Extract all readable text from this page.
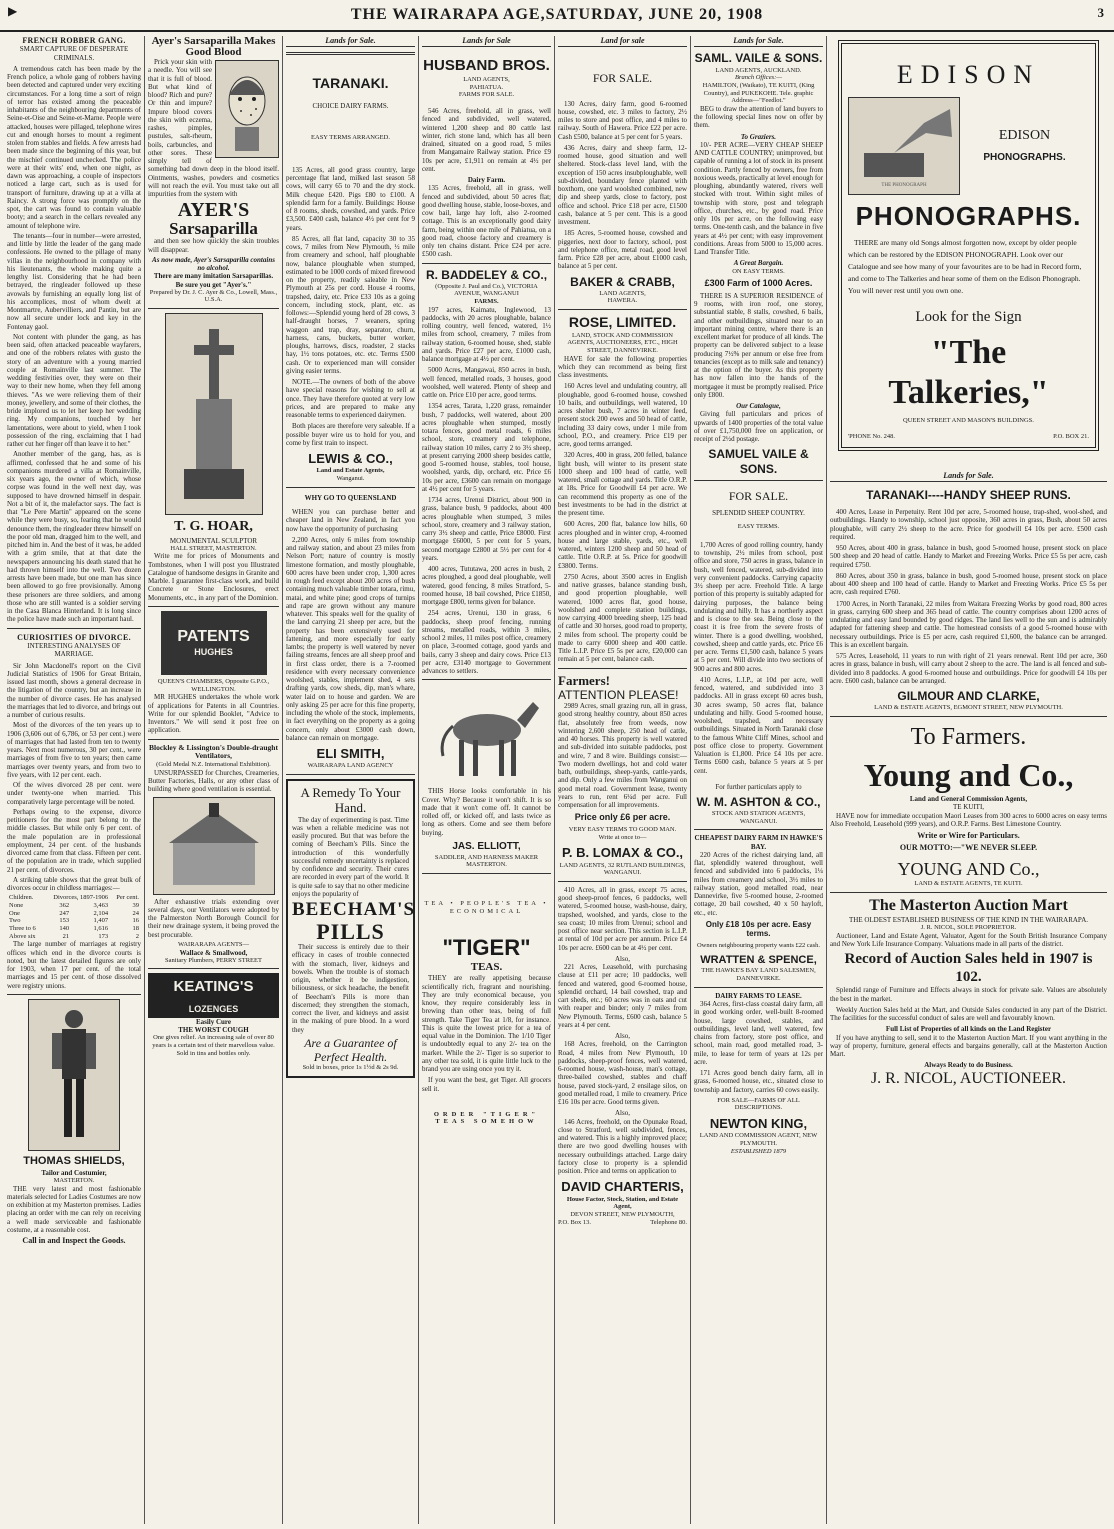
▶	THE WAIRARAPA AGE,SATURDAY, JUNE 20, 1908	3
FRENCH ROBBER GANG.
SMART CAPTURE OF DESPERATE CRIMINALS.

A tremendous catch has been made by the French police, a whole gang of robbers having been detected and captured under very exciting circumstances. For a long time a sort of reign of terror has existed among the peaceable inhabitants of the neighbouring departments of Seine-et-Oise and Seine-et-Marne. People were attacked, houses were pillaged, telephone wires cut and enough horses to mount a regiment stolen from stables and fields. A few arrests had been made since the beginning of this year, but the mischief continued unchecked. The police were at their wits' end, when one night, as dawn was approaching, a couple of inspectors noticed a large cart, such as is used for transport of furniture, drawing up at a villa at Raincy. A strong force was promptly on the spot, the cart was found to contain valuable booty; and a search in the cellars revealed any amount of telephone wire.

The tenants—four in number—were arrested, and little by little the leader of the gang made confessions. He owned to the pillage of many villas in the neighbourhood in company with his lieutenants, the whole making quite a lengthy list. Considering that he had been betrayed, the ringleader followed up these avowals by furnishing an equally long list of his accomplices, most of whom dwelt at Montmartre, Aubervilliers, and Pantin, but are now all secure under lock and key in the Fontenay gaol.

Not content with plunder the gang, as has been said, often attacked peaceable wayfarers, and one of the robbers relates with gusto the story of an adventure with a young married couple at Romainville last summer. The wedding festivities over, they were on their way to their new home, when they fell among thieves. "As we were relieving them of their money, jewellery, and some of their clothes, the bride implored us to let her keep her wedding ring. My companions, touched by her lamentations, were about to yield, when I took possession of the ring, exclaiming that I had rather cut her finger off than leave it to her."

Another member of the gang, has, as is affirmed, confessed that he and some of his companions murdered a villa at Romainville, six years ago, the owner of which, whose corpse was found in the well next day, was supposed to have drowned himself in despair. Not a bit of it, the malefactor says. The fact is that "Le Pere Martin" appeared on the scene while they were busy, so, fearing that he would denounce them, the ringleader threw himself on the poor old man, dragged him to the well, and pitched him in. And the best of it was, he added with a grim smile, that at that date the newspapers announcing his death stated that he had thrown himself into the well. Two dozen arrests have been made, but one man has since been allowed to go free provisionally. Among these prisoners are three soldiers, and among those who are still wanted is a soldier serving in the Casa Blanca Hinterland. It is long since the police have made such an important haul.

CURIOSITIES OF DIVORCE.
INTERESTING ANALYSES OF MARRIAGE.

Sir John Macdonell's report on the Civil Judicial Statistics of 1906 for Great Britain, issued last month, shows a general decrease in the litigation of the country, but an increase in the number of divorce cases. He has analysed the marriages that led to divorce, and brings out a number of curious results.

Most of the divorces of the ten years up to 1906 (3,606 out of 6,786, or 53 per cent.) were of marriages that had lasted from ten to twenty years. Next most numerous, 30 per cent., were marriages of from five to ten years; then came marriages over twenty years, and from two to five years, with 12 per cent. each.

Of the wives divorced 28 per cent. were under twenty-one when married. This comparatively large percentage will be noted.

Perhaps owing to the expense, divorce petitioners for the most part belong to the middle classes. But while only 6 per cent. of the male population are in professional employment, 24 per cent. of the husbands divorced came from that class. Fifteen per cent. of the population are in trade, which supplied 21 per cent. of divorces.

A striking table shows that the great bulk of divorces occur in childless marriages:—

Children.	Divorces, 1897-1906		Per cent.
None	362	3,463	39
One	247	2,104	24
Two	153	1,407	16
Three to 6	140	1,616	18
Above six	21	173	2

The large number of marriages at registry offices which end in the divorce courts is noted, but the latest detailed figures are only for 1903, when 17 per cent. of the total marriages and 15 per cent. of those dissolved were registry unions.

THOMAS SHIELDS,
Tailor and Costumier,
MASTERTON.

THE very latest and most fashionable materials selected for Ladies Costumes are now on exhibition at my Masterton premises. Ladies placing an order with me can rely on receiving a well made serviceable and fashionable costume, at a reasonable cost.

Call in and Inspect the Goods.
Ayer's Sarsaparilla Makes Good Blood

Prick your skin with a needle. You will see that it is full of blood. But what kind of blood? Rich and pure? Or thin and impure? Impure blood covers the skin with eczema, rashes, pimples, pustules, salt-rheum, boils, carbuncles, and other sores. These simply tell of something bad down deep in the blood itself. Ointments, washes, powders and cosmetics will not reach the evil. You must take out all impurities from the system with

AYER'S
Sarsaparilla

and then see how quickly the skin troubles will disappear.

As now made, Ayer's Sarsaparilla contains no alcohol.
There are many imitation Sarsaparillas.
Be sure you get "Ayer's."
Prepared by Dr. J. C. Ayer & Co., Lowell, Mass., U.S.A.
T. G. HOAR,
MONUMENTAL SCULPTOR
HALL STREET, MASTERTON.

Write me for prices of Monuments and Tombstones, when I will post you Illustrated Catalogue of handsome designs in Granite and Marble. I guarantee first-class work, and build Concrete or Stone Enclosures, erect Monuments, etc., in any part of the Dominion.

PATENTS
HUGHES
QUEEN'S CHAMBERS, Opposite G.P.O., WELLINGTON.

MR HUGHES undertakes the whole work of applications for Patents in all Countries. Write for our splendid Booklet, "Advice to Inventors." We will send it post free on application.

Blockley & Lissington's Double-draught Ventilators,
(Gold Medal N.Z. International Exhibition).

UNSURPASSED for Churches, Creameries, Butter Factories, Halls, or any other class of building where good ventilation is essential.

After exhaustive trials extending over several days, our Ventilators were adopted by the Palmerston North Borough Council for their new drainage system, it being proved the best procurable.

WAIRARAPA AGENTS—
Wallace & Smallwood,
Sanitary Plumbers, PERRY STREET
KEATING'S
LOZENGES
Easily Cure
THE WORST COUGH
One gives relief. An increasing sale of over 80 years is a certain test of their marvellous value.
Sold in tins and bottles only.
Lands for Sale.
TARANAKI.
CHOICE DAIRY FARMS.
EASY TERMS ARRANGED.

135 Acres, all good grass country, large percentage flat land, milked last season 58 cows, will carry 65 to 70 and the dry stock. Milk cheque £420. Pigs £80 to £100. A splendid farm for a family. Buildings: House of 8 rooms, sheds, cowshed, and yards. Price £3,500. £400 cash, balance 4½ per cent for 9 years.

85 Acres, all flat land, capacity 30 to 35 cows, 7 miles from New Plymouth, ½ mile from creamery and school, half ploughable now, balance ploughable when stumped, estimated to be 1000 cords of mixed firewood on the property, readily saleable in New Plymouth at 25s per cord. House 4 rooms, trapshed, dairy, etc. Price £33 10s as a going concern, including stock, plant, etc. as follows:—Splendid young herd of 28 cows, 3 half-draught horses, 7 weaners, spring waggon and trap, dray, separator, churn, harness, cans, buckets, butter worker, ploughs, harrows, discs, roadster, 2 stacks hay, 1½ tons potatoes, etc. etc. Terms £500 cash. Or to experienced man will consider giving easier terms.

NOTE.—The owners of both of the above have special reasons for wishing to sell at once. They have therefore quoted at very low prices, and are prepared to make any reasonable terms to experienced dairymen.

Both places are therefore very saleable. If a possible buyer wire us to hold for you, and come by first train to inspect.

LEWIS & CO.,
Land and Estate Agents,
Wanganui.
WHY GO TO QUEENSLAND

WHEN you can purchase better and cheaper land in New Zealand, in fact you now have the opportunity of purchasing

2,200 Acres, only 6 miles from township and railway station, and about 23 miles from Nelson Port; nature of country is mostly limestone formation, and mostly ploughable, 600 acres have been under crop, 1,300 acres in rough feed except about 200 acres of bush containing much valuable timber totara, rimu, matai, and white pine; good crops of turnips and rape are grown without any manure whatever. This speaks well for the quality of the land carrying 21 sheep per acre, but the property has been extensively used for fattening, and more especially for early lambs; the property is well watered by never failing streams, fences are all sheep proof and in first class order, there is a 7-roomed residence with every necessary convenience woolshed, stables, implement shed, 4 sets drafting yards, cow sheds, dip, man's whare, water laid on to house and garden. We are only asking 25 per acre for this fine property, including the whole of the stock, implements, in fact everything on the property as a going concern, only about £3000 cash down, balance can remain on mortgage.

ELI SMITH,
WAIRARAPA LAND AGENCY
A Remedy To Your Hand.

The day of experimenting is past. Time was when a reliable medicine was not easily procured. But that was before the coming of Beecham's Pills. Since the introduction of this wonderfully successful remedy uncertainty is replaced by confidence and security. Their cures are recorded in every part of the world. It is quite safe to say that no other medicine enjoys the popularity of

BEECHAM'S
PILLS

Their success is entirely due to their efficacy in cases of trouble connected with the stomach, liver, kidneys and bowels. When the trouble is of stomach origin, whether it be indigestion, biliousness, or sick headache, the benefit of Beecham's Pills is more than discerned; they strengthen the stomach, correct the liver, and kidneys and assist in the making of pure blood. In a word they

Are a Guarantee of Perfect Health.
Sold in boxes, price 1s 1½d & 2s 9d.
Lands for Sale
HUSBAND BROS.
LAND AGENTS,
PAHIATUA.
FARMS FOR SALE.

546 Acres, freehold, all in grass, well fenced and subdivided, well watered, wintered 1,200 sheep and 80 cattle last winter, rich stone land, which has all been drained, situated on a good road, 5 miles from Mangamaire Railway station. Price £9 10s per acre, £1,911 on remain at 4½ per cent.

Dairy Farm.

135 Acres, freehold, all in grass, well fenced and subdivided, about 50 acres flat; good dwelling house, stable, loose-boxes, and cow bail, large hay loft, also 2-roomed cottage. This is an exceptionally good dairy farm, being within one mile of Pahiatua, on a good road, choose factory and creamery is only ten chains distant. Price £24 per acre. £500 cash.

R. BADDELEY & CO.,
(Opposite J. Paul and Co.), VICTORIA AVENUE, WANGANUI
FARMS.

197 acres, Kaimatu, Inglewood, 13 paddocks, with 20 acres ploughable, balance rolling country, well fenced, watered, 1½ miles from school, creamery, 7 miles from railway station, 6-roomed house, shed, stable and yards. Price £27 per acre, £1000 cash, balance mortgage at 4½ per cent.

5000 Acres, Mangawai, 850 acres in bush, well fenced, metalled roads, 3 houses, good woolshed, well watered. Plenty of sheep and cattle on. Price £10 per acre, good terms.

1354 acres, Tarata, 1,220 grass, remainder bush, 7 paddocks, well watered, about 200 acres ploughable when stumped, mostly totara fences, good metal roads, 6 miles school, store, creamery and telephone, railway station 10 miles, carry 2 to 3½ sheep, at present carrying 2000 sheep besides cattle, good 5-roomed house, stables, tool house, woolshed, yards, dip, orchard, etc. Price £6 10s per acre, £3600 can remain on mortgage at 4½ per cent for 5 years.

1734 acres, Urenui District, about 900 in grass, balance bush, 9 paddocks, about 400 acres ploughable when stumped, 3 miles school, store, creamery and 3 railway station, carry 3½ sheep and cattle, Price £8000. First mortgage £6000, 5 per cent for 5 years, second mortgage £2800 at 5½ per cent for 4 years.

400 acres, Tututawa, 200 acres in bush, 2 acres ploughed, a good deal ploughable, well watered, good fencing, 8 miles Stratford, 5-roomed house, 18 bail cowshed, Price £1850, mortgage £800, terms given for balance.

254 acres, Urenui, 130 in grass, 6 paddocks, sheep proof fencing, running streams, metalled roads, within 3 miles, school 2 miles, 11 miles post office, creamery on place, 3-roomed cottage, good yards and bails, carry 3 sheep and dairy cows. Price £13 per acre, £3140 mortgage to Government advances to settlers.

THIS Horse looks comfortable in his Cover. Why? Because it won't shift. It is so made that it won't come off. It cannot be rolled off, or kicked off, and lasts twice as long as others. Come and see them before buying.

JAS. ELLIOTT,
SADDLER, AND HARNESS MAKER MASTERTON.
TEA • PEOPLE'S TEA • ECONOMICAL
"TIGER"
TEAS.

THEY are really appetising because scientifically rich, fragrant and nourishing. They are truly economical because, you know, they require considerably less in brewing than other teas, being of full strength. Take Tiger Tea at 1/8, for instance. This is quite the lowest price for a tea of equal value in the Dominion. The 1/10 Tiger is undoubtedly equal to any 2/- tea on the market. While the 2/- Tiger is so superior to any other tea sold, it is quite little luck to the brand you are using once you try it.

If you want the best, get Tiger. All grocers sell it.

ORDER "TIGER" TEAS SOMEHOW
Land for sale
FOR SALE.

130 Acres, dairy farm, good 6-roomed house, cowshed, etc. 3 miles to factory, 2½ miles to store and post office, and 4 miles to railway. South of Hawera. Price £22 per acre. Cash £500, balance at 5 per cent for 5 years.

436 Acres, dairy and sheep farm, 12-roomed house, good situation and well sheltered. Stock-class level land, with the exception of 150 acres insubploughable, well sub-divided, boundary fence planted with boxthorn, one yard woolshed combined, new dip and sheep yards, close to factory, post office and school. Price £18 per acre, £1500 cash, balance at 5 per cent. This is a good investment.

185 Acres, 5-roomed house, cowshed and piggeries, next door to factory, school, post and telephone office, metal road, good level farm. Price £28 per acre, about £1000 cash, balance at 5 per cent.

BAKER & CRABB,
LAND AGENTS,
HAWERA.
ROSE, LIMITED.
LAND, STOCK AND COMMISSION AGENTS, AUCTIONEERS, ETC., HIGH STREET, DANNEVIRKE.

HAVE for sale the following properties which they can recommend as being first class investments.

160 Acres level and undulating country, all ploughable, good 6-roomed house, cowshed 10 bails, and outbuildings, well watered, 10 acres shelter bush, 7 acres in winter feed, present stock 200 ewes and 50 head of cattle, including 33 dairy cows, under 1 mile from school, P.O., and creamery. Price £19 per acre, good terms arranged.

320 Acres, 400 in grass, 200 felled, balance light bush, will winter to its present state 1000 sheep and 100 head of cattle, well watered, small cottage and yards. Title O.R.P. at 18s. Price for Goodwill £4 per acre. We can recommend this property as one of the best investments to be had in the district at the present time.

600 Acres, 200 flat, balance low hills, 60 acres ploughed and in winter crop, 4-roomed house and large stable, yards, etc., well watered, winters 1200 sheep and 50 head of cattle. Title O.R.P. at 5s. Price for goodwill £3800. Terms.

2750 Acres, about 3500 acres in English and native grasses, balance standing bush, and good propertion ploughable, well watered, 1000 acres flat, good house, woolshed and complete station buildings, now carrying 4000 breeding sheep, 125 head of cattle and 30 horses, good road to property, 2 miles from school. The property could be made to carry 6000 sheep and 400 cattle. Title L.I.P. Price £5 5s per acre, £20,000 can remain at 5 per cent, balance cash.

Farmers!
ATTENTION PLEASE!

2989 Acres, small grazing run, all in grass, good strong healthy country, about 850 acres flat, absolutely free from weeds, now wintering 2,600 sheep, 250 head of cattle, and 40 horses. This property is well watered and sub-divided into suitable paddocks, post and wire, 7 and 8 wire. Buildings consist:—Two modern dwellings, hot and cold water bath, outbuildings, sheep-yards, cattle-yards, and dip. Only a few miles from Wanganui on good metal road. Government lease, twenty years to run, rent 6¼d per acre. Full compensation for all improvements.

Price only £6 per acre.
VERY EASY TERMS TO GOOD MAN.
Write at once to—
P. B. LOMAX & CO.,
LAND AGENTS, 32 RUTLAND BUILDINGS, WANGANUI.

410 Acres, all in grass, except 75 acres, good sheep-proof fences, 6 paddocks, well watered, 5-roomed house, wash-house, dairy, trapshed, woolshed, and yards, close to the sea coast; 10 miles from Urenui; school and post office near section. This section is L.I.P. at rental of 10d per acre per annum. Price £4 10s per acre. £600 can be at 4½ per cent.

Also,

221 Acres, Leasehold, with purchasing clause at £11 per acre; 10 paddocks, well fenced and watered, good 6-roomed house, splendid orchard, 14 bail cowshed, trap and cart sheds, etc.; 60 acres was in oats and cut with reaper and binder; only 7 miles from New Plymouth. Terms, £600 cash, balance 5 years at 4 per cent.

Also,

168 Acres, freehold, on the Carrington Road, 4 miles from New Plymouth, 10 paddocks, sheep-proof fences, well watered, 6-roomed house, wash-house, man's cottage, three-bailed cowshed, stables and chaff house, paved stock-yard, 2 ensilage silos, on good metalled road, 1 mile to creamery. Price £16 10s per acre. Good terms given.

Also,

146 Acres, freehold, on the Opunake Road, close to Stratford, well subdivided, fences, and watered. This is a highly improved place; there are two good dwelling houses with necessary outbuildings attached. Large dairy factory close to property is a splendid position. Price and terms on application to

DAVID CHARTERIS,
House Factor, Stock, Station, and Estate Agent,
DEVON STREET, NEW PLYMOUTH,
P.O. Box 13.	Telephone 80.
Lands for Sale.
SAML. VAILE & SONS.
LAND AGENTS, AUCKLAND.
Branch Offices:—
HAMILTON, (Waikato), TE KUITI, (King Country), and PUKEKOHE. Tele. graphic Address—"Feedlot."

BEG to draw the attention of land buyers to the following special lines now on offer by them.

To Graziers.

10/- PER ACRE—VERY CHEAP SHEEP AND CATTLE COUNTRY; unimproved, but capable of running a lot of stock in its present condition. Partly fenced by owners, free from noxious weeds, practically at level enough for ploughing, abundantly watered, rivers well stocked with trout. Within sight miles of township with store, post and telegraph office, churches, etc., by good road. Price only 10s per acre, on the following easy terms. One-tenth cash, and the balance in five years at 4½ per cent; with easy improvement conditions. Areas from 5000 to 15,000 acres. Land Transfer Title.

A Great Bargain.
ON EASY TERMS.
£300 Farm of 1000 Acres.

THERE IS A SUPERIOR RESIDENCE of 9 rooms, with iron roof, one storey, substantial stable, 8 stalls, cowshed, 6 bails, and other outbuildings, situated near to an important mining centre, where there is an excellent market for produce of all kinds. The property can be delivered subject to a lease producing 7½% per annum or else free from tenancies (except as to milk sale and tenancy) at the option of the buyer. As this property has now fallen into the hands of the mortgagee it must be promptly realised. Price only £800.

Our Catalogue,

Giving full particulars and prices of upwards of 1400 properties of the total value of over £1,750,000 free on application, or receipt of 2½d postage.

SAMUEL VAILE & SONS.
FOR SALE.
SPLENDID SHEEP COUNTRY.
EASY TERMS.

1,700 Acres of good rolling country, handy to township, 2½ miles from school, post office and store, 750 acres in grass, balance in bush, well fenced, watered, sub-divided into very convenient paddocks. Carrying capacity 3½ sheep per acre. Freehold Title. A large portion of this property is suitably adapted for dairying purposes, the balance being undulating and hilly. It has a northerly aspect and is close to the sea. Being close to the coast it is free from the severe frosts of winter. There is a good dwelling, woolshed, cowshed, sheep and cattle yards, etc. Price £6 per acre. Terms £1,500 cash, balance 5 years at 5 per cent. Will divide into two sections of 900 acres and 800 acres.

410 Acres, L.I.P., at 10d per acre, well fenced, watered, and subdivided into 3 paddocks. All in grass except 60 acres bush, 30 acres swamp, 50 acres flat, balance undulating and hilly. Good 5-roomed house, woolshed, trapshed, and necessary outbuildings. Situated in North Taranaki close to the famous White Cliff Mines, school and post office close to property. Government Valuation is £1,800. Price £4 10s per acre. Terms £600 cash, balance 5 years at 5 per cent.

For further particulars apply to
W. M. ASHTON & CO.,
STOCK AND STATION AGENTS,
WANGANUI.
CHEAPEST DAIRY FARM IN HAWKE'S BAY.

220 Acres of the richest dairying land, all flat, splendidly watered throughout, well fenced and subdivided into 6 paddocks, 1¼ miles from creamery and school, 3½ miles to railway station, good metalled road, near Dannevirke, five 5-roomed house, 2-roomed cottage, 20 bail cowshed, 40 x 50 hayloft, etc., etc.

Only £18 10s per acre. Easy terms.
Owners neighbouring property wants £22 cash.
WRATTEN & SPENCE,
THE HAWKE'S BAY LAND SALESMEN, DANNEVIRKE.
DAIRY FARMS TO LEASE.

364 Acres, first-class coastal dairy farm, all in good working order, well-built 8-roomed house, large cowshed, stables, and outbuildings, level land, well watered, few chains from factory, store post office, and school, main road, good metalled road, 3-mile, to lease for term of years at 12s per acre.

171 Acres good bench dairy farm, all in grass, 6-roomed house, etc., situated close to township and factory, carries 60 cows easily.

FOR SALE—FARMS OF ALL DESCRIPTIONS.
NEWTON KING,
LAND AND COMMISSION AGENT, NEW PLYMOUTH.
ESTABLISHED 1879
EDISON
THE PHONOGRAPH
EDISON
PHONOGRAPHS.
PHONOGRAPHS.

THERE are many old Songs almost forgotten now, except by older people which can be restored by the EDISON PHONOGRAPH. Look over our Catalogue and see how many of your favourites are to be had in Record form, and come to The Talkeries and hear some of them on the Edison Phonograph. You will never rest until you own one.

Look for the Sign
"The Talkeries,"
QUEEN STREET AND MASON'S BUILDINGS.
'PHONE No. 248.	P.O. BOX 21.
Lands for Sale.
TARANAKI----HANDY SHEEP RUNS.

400 Acres, Lease in Perpetuity. Rent 10d per acre, 5-roomed house, trap-shed, wool-shed, and outbuildings. Handy to township, school just opposite, 360 acres in grass, Bush, about 50 acres ploughable, will carry 2½ sheep to the acre. Price for goodwill £4 10s per acre. £500 cash required.

950 Acres, about 400 in grass, balance in bush, good 5-roomed house, present stock on place 500 sheep and 20 head of cattle. Handy to Market and Freezing Works. Price £5 5s per acre, cash required £750.

860 Acres, about 350 in grass, balance in bush, good 5-roomed house, present stock on place about 400 sheep and 100 head of cattle. Handy to Market and Freezing Works. Price £5 5s per acre, cash required £760.

1700 Acres, in North Taranaki, 22 miles from Waitara Freezing Works by good road, 800 acres in grass, carrying 600 sheep and 365 head of cattle. The country comprises about 1200 acres of undulating and easy land bounded by good ridges. The land lies well to the sun and is admirably adapted for fattening sheep and cattle. The homestead consists of a good 5-roomed house with necessary outbuildings. Price is £5 per acre, cash required £1,600, the balance can be arranged. This is an excellent bargain.

575 Acres, Leasehold, 11 years to run with right of 21 years renewal. Rent 10d per acre, 360 acres in grass, balance in bush, will carry about 2 sheep to the acre. The land is all fenced and sub-divided into 8 paddocks. A good 6-roomed house and outbuildings. Price for goodwill £4 10s per acre. £600 cash, balance can be arranged.

GILMOUR AND CLARKE,
LAND & ESTATE AGENTS, EGMONT STREET, NEW PLYMOUTH.
To Farmers.
Young and Co.,
Land and General Commission Agents,
TE KUITI,

HAVE now for immediate occupation Maori Leases from 300 acres to 6000 acres on easy terms Also Freehold, Leasehold (999 years), and O.R.P. Farms. Best Limestone Country.

Write or Wire for Particulars.
OUR MOTTO:—"WE NEVER SLEEP.
YOUNG AND Co.,
LAND & ESTATE AGENTS, TE KUITI.
The Masterton Auction Mart
THE OLDEST ESTABLISHED BUSINESS OF THE KIND IN THE WAIRARAPA.
J. R. NICOL, SOLE PROPRIETOR.

Auctioneer, Land and Estate Agent, Valuator, Agent for the South British Insurance Company and New York Life Insurance Company. Valuations made in all parts of the district.

Record of Auction Sales held in 1907 is 102.

Splendid range of Furniture and Effects always in stock for private sale. Values are absolutely the best in the market.

Weekly Auction Sales held at the Mart, and Outside Sales conducted in any part of the District. The facilities for the successful conduct of sales are well and favourably known.

Full List of Properties of all kinds on the Land Register

If you have anything to sell, send it to the Masterton Auction Mart. If you want anything in the way of property, furniture, general effects and bargains generally, call at the Masterton Auction Mart.

Always Ready to do Business.
J. R. NICOL, AUCTIONEER.
